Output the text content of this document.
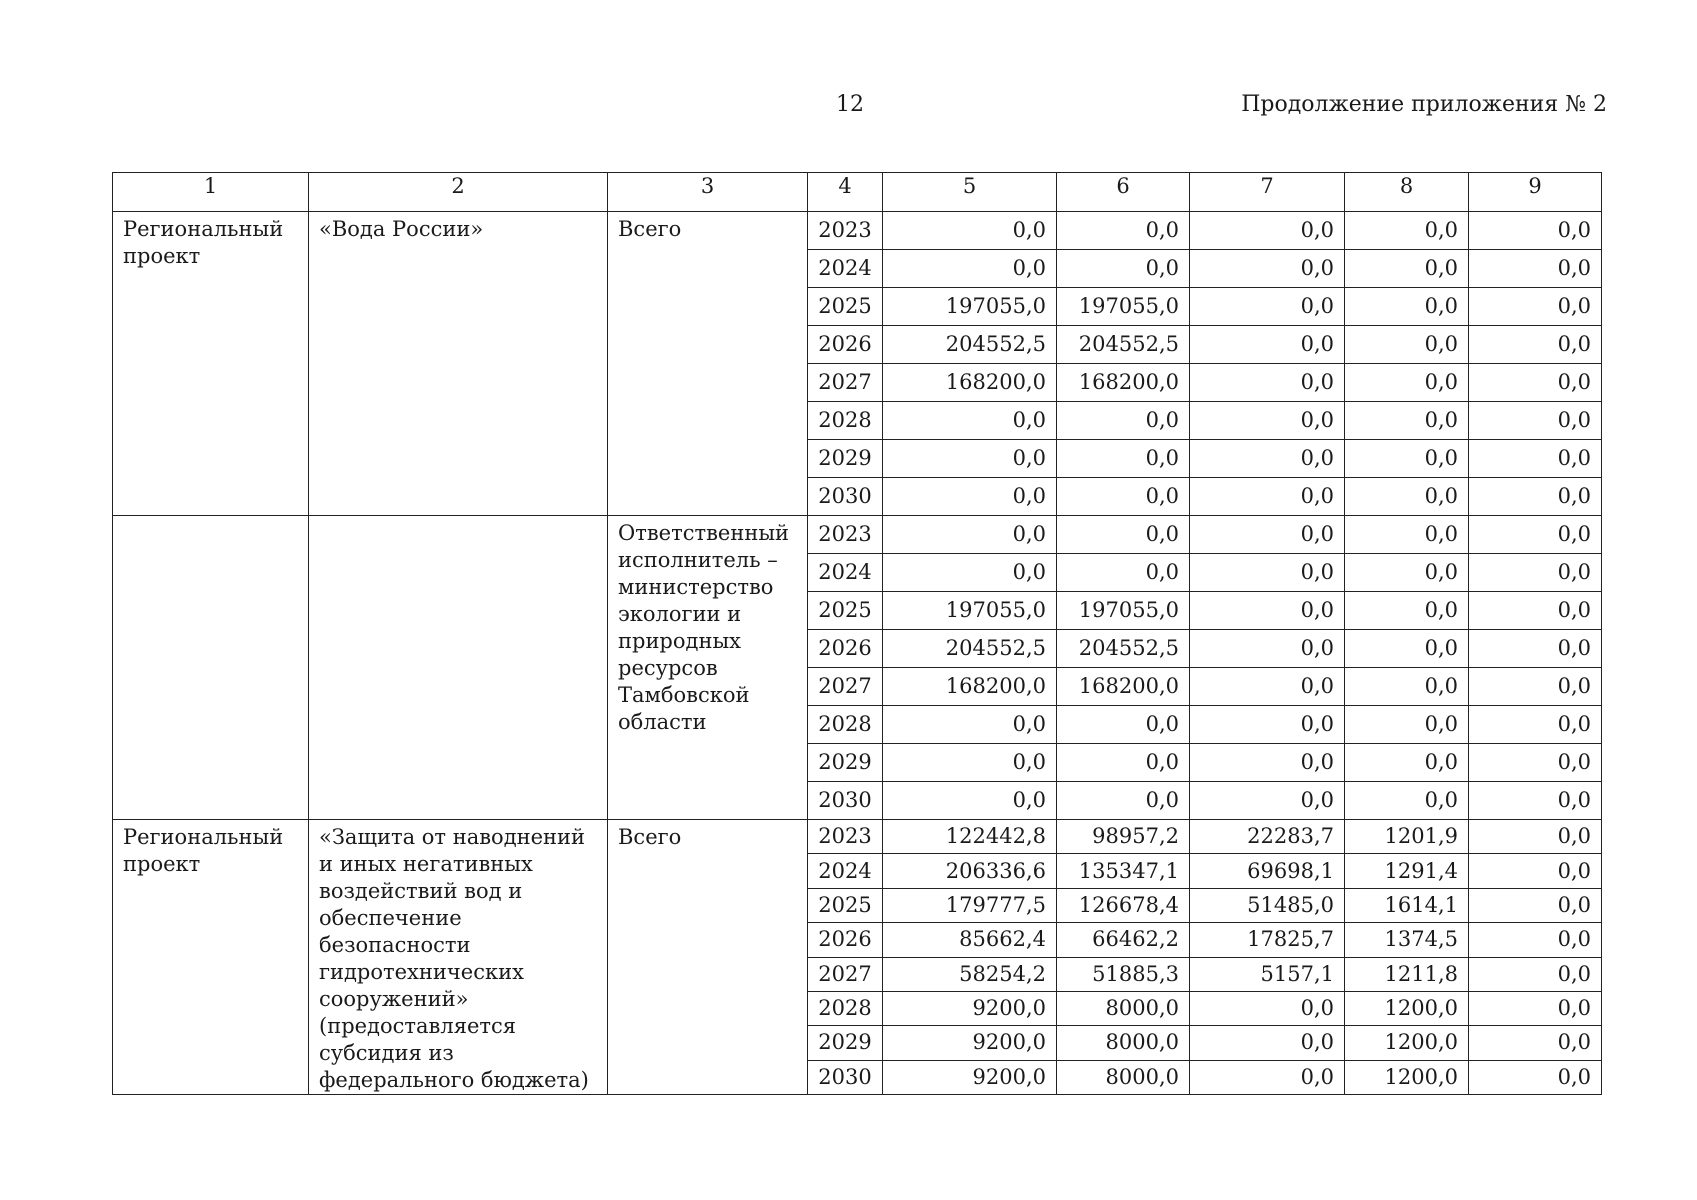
12	Продолжение приложения № 2
1	2	3	4	5	6	7	8	9
Региональный проект	«Вода России»	Всего	2023	0,0	0,0	0,0	0,0	0,0
			2024	0,0	0,0	0,0	0,0	0,0
			2025	197055,0	197055,0	0,0	0,0	0,0
			2026	204552,5	204552,5	0,0	0,0	0,0
			2027	168200,0	168200,0	0,0	0,0	0,0
			2028	0,0	0,0	0,0	0,0	0,0
			2029	0,0	0,0	0,0	0,0	0,0
			2030	0,0	0,0	0,0	0,0	0,0
		Ответственный исполнитель – министерство экологии и природных ресурсов Тамбовской области	2023	0,0	0,0	0,0	0,0	0,0
			2024	0,0	0,0	0,0	0,0	0,0
			2025	197055,0	197055,0	0,0	0,0	0,0
			2026	204552,5	204552,5	0,0	0,0	0,0
			2027	168200,0	168200,0	0,0	0,0	0,0
			2028	0,0	0,0	0,0	0,0	0,0
			2029	0,0	0,0	0,0	0,0	0,0
			2030	0,0	0,0	0,0	0,0	0,0
Региональный проект	«Защита от наводнений и иных негативных воздействий вод и обеспечение безопасности гидротехнических сооружений» (предоставляется субсидия из федерального бюджета)	Всего	2023	122442,8	98957,2	22283,7	1201,9	0,0
			2024	206336,6	135347,1	69698,1	1291,4	0,0
			2025	179777,5	126678,4	51485,0	1614,1	0,0
			2026	85662,4	66462,2	17825,7	1374,5	0,0
			2027	58254,2	51885,3	5157,1	1211,8	0,0
			2028	9200,0	8000,0	0,0	1200,0	0,0
			2029	9200,0	8000,0	0,0	1200,0	0,0
			2030	9200,0	8000,0	0,0	1200,0	0,0
